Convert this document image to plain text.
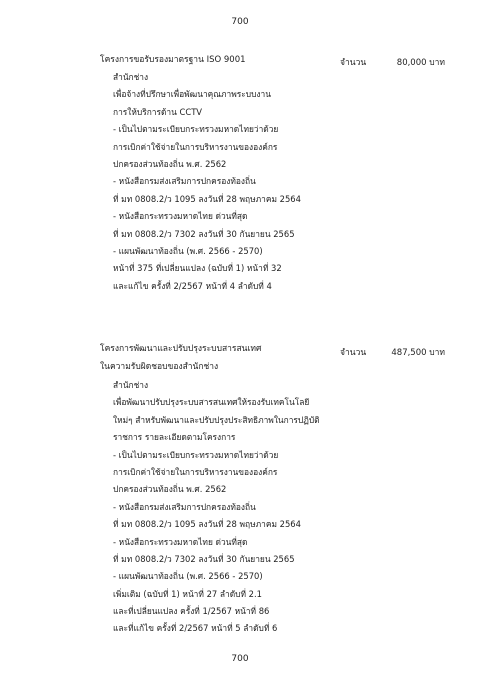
700
โครงการขอรับรองมาตรฐาน ISO 9001	จำนวน	80,000 บาท
สำนักช่าง
เพื่อจ้างที่ปรึกษาเพื่อพัฒนาคุณภาพระบบงาน
การให้บริการด้าน CCTV
- เป็นไปตามระเบียบกระทรวงมหาดไทยว่าด้วย
การเบิกค่าใช้จ่ายในการบริหารงานขององค์กร
ปกครองส่วนท้องถิ่น พ.ศ. 2562
- หนังสือกรมส่งเสริมการปกครองท้องถิ่น
ที่ มท 0808.2/ว 1095 ลงวันที่ 28 พฤษภาคม 2564
- หนังสือกระทรวงมหาดไทย ด่วนที่สุด
ที่ มท 0808.2/ว 7302 ลงวันที่ 30 กันยายน 2565
- แผนพัฒนาท้องถิ่น (พ.ศ. 2566 - 2570)
หน้าที่ 375 ที่เปลี่ยนแปลง (ฉบับที่ 1) หน้าที่ 32
และแก้ไข ครั้งที่ 2/2567 หน้าที่ 4 ลำดับที่ 4
โครงการพัฒนาและปรับปรุงระบบสารสนเทศ
ในความรับผิดชอบของสำนักช่าง
จำนวน	487,500 บาท
สำนักช่าง
เพื่อพัฒนาปรับปรุงระบบสารสนเทศให้รองรับเทคโนโลยี
ใหม่ๆ สำหรับพัฒนาและปรับปรุงประสิทธิภาพในการปฏิบัติ
ราชการ รายละเอียดตามโครงการ
- เป็นไปตามระเบียบกระทรวงมหาดไทยว่าด้วย
การเบิกค่าใช้จ่ายในการบริหารงานขององค์กร
ปกครองส่วนท้องถิ่น พ.ศ. 2562
- หนังสือกรมส่งเสริมการปกครองท้องถิ่น
ที่ มท 0808.2/ว 1095 ลงวันที่ 28 พฤษภาคม 2564
- หนังสือกระทรวงมหาดไทย ด่วนที่สุด
ที่ มท 0808.2/ว 7302 ลงวันที่ 30 กันยายน 2565
- แผนพัฒนาท้องถิ่น (พ.ศ. 2566 - 2570)
เพิ่มเติม (ฉบับที่ 1) หน้าที่ 27 ลำดับที่ 2.1
และที่เปลี่ยนแปลง ครั้งที่ 1/2567 หน้าที่ 86
และที่แก้ไข ครั้งที่ 2/2567 หน้าที่ 5 ลำดับที่ 6
700
